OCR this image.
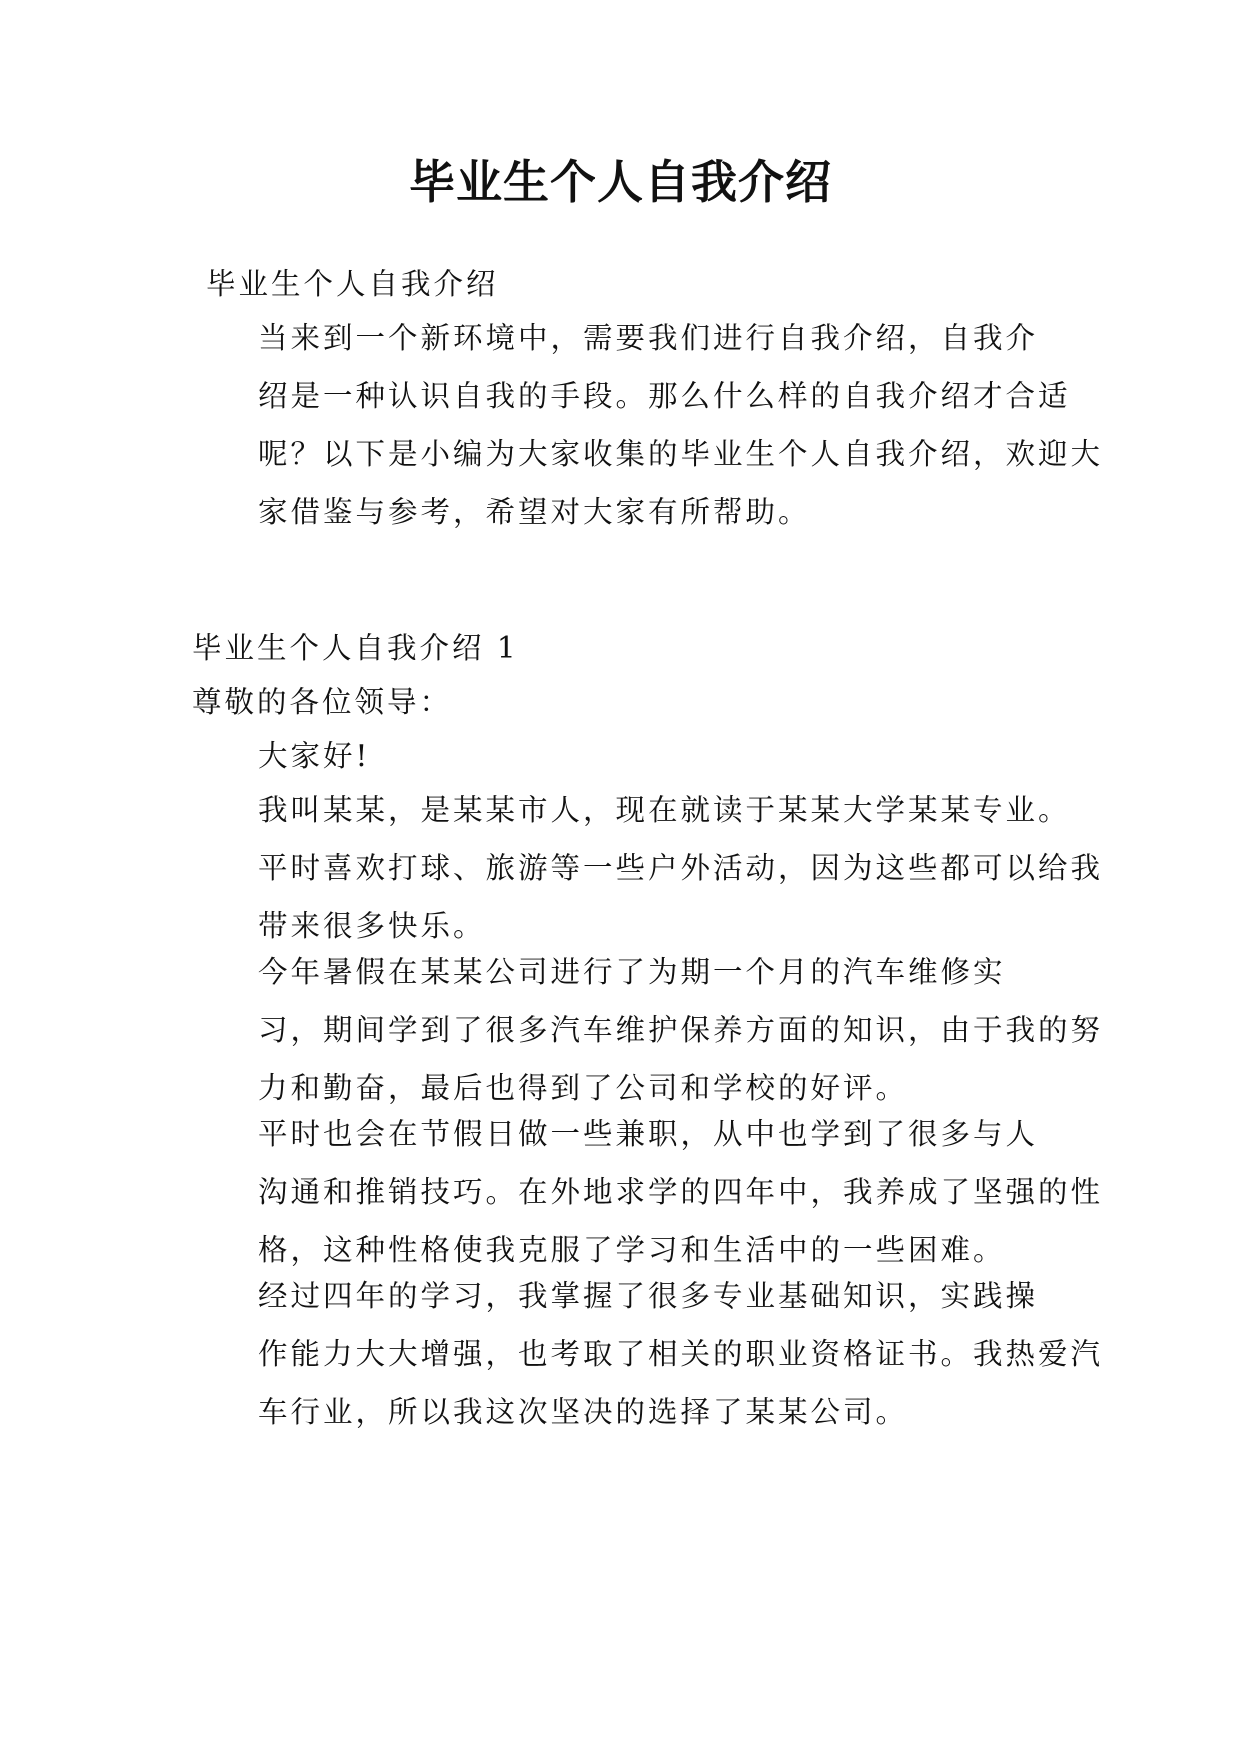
毕业生个人自我介绍

毕业生个人自我介绍

当来到一个新环境中，需要我们进行自我介绍，自我介
绍是一种认识自我的手段。那么什么样的自我介绍才合适
呢？以下是小编为大家收集的毕业生个人自我介绍，欢迎大
家借鉴与参考，希望对大家有所帮助。

毕业生个人自我介绍 1

尊敬的各位领导：

大家好!

我叫某某，是某某市人，现在就读于某某大学某某专业。
平时喜欢打球、旅游等一些户外活动，因为这些都可以给我
带来很多快乐。

今年暑假在某某公司进行了为期一个月的汽车维修实
习，期间学到了很多汽车维护保养方面的知识，由于我的努
力和勤奋，最后也得到了公司和学校的好评。

平时也会在节假日做一些兼职，从中也学到了很多与人
沟通和推销技巧。在外地求学的四年中，我养成了坚强的性
格，这种性格使我克服了学习和生活中的一些困难。

经过四年的学习，我掌握了很多专业基础知识，实践操
作能力大大增强，也考取了相关的职业资格证书。我热爱汽
车行业，所以我这次坚决的选择了某某公司。
